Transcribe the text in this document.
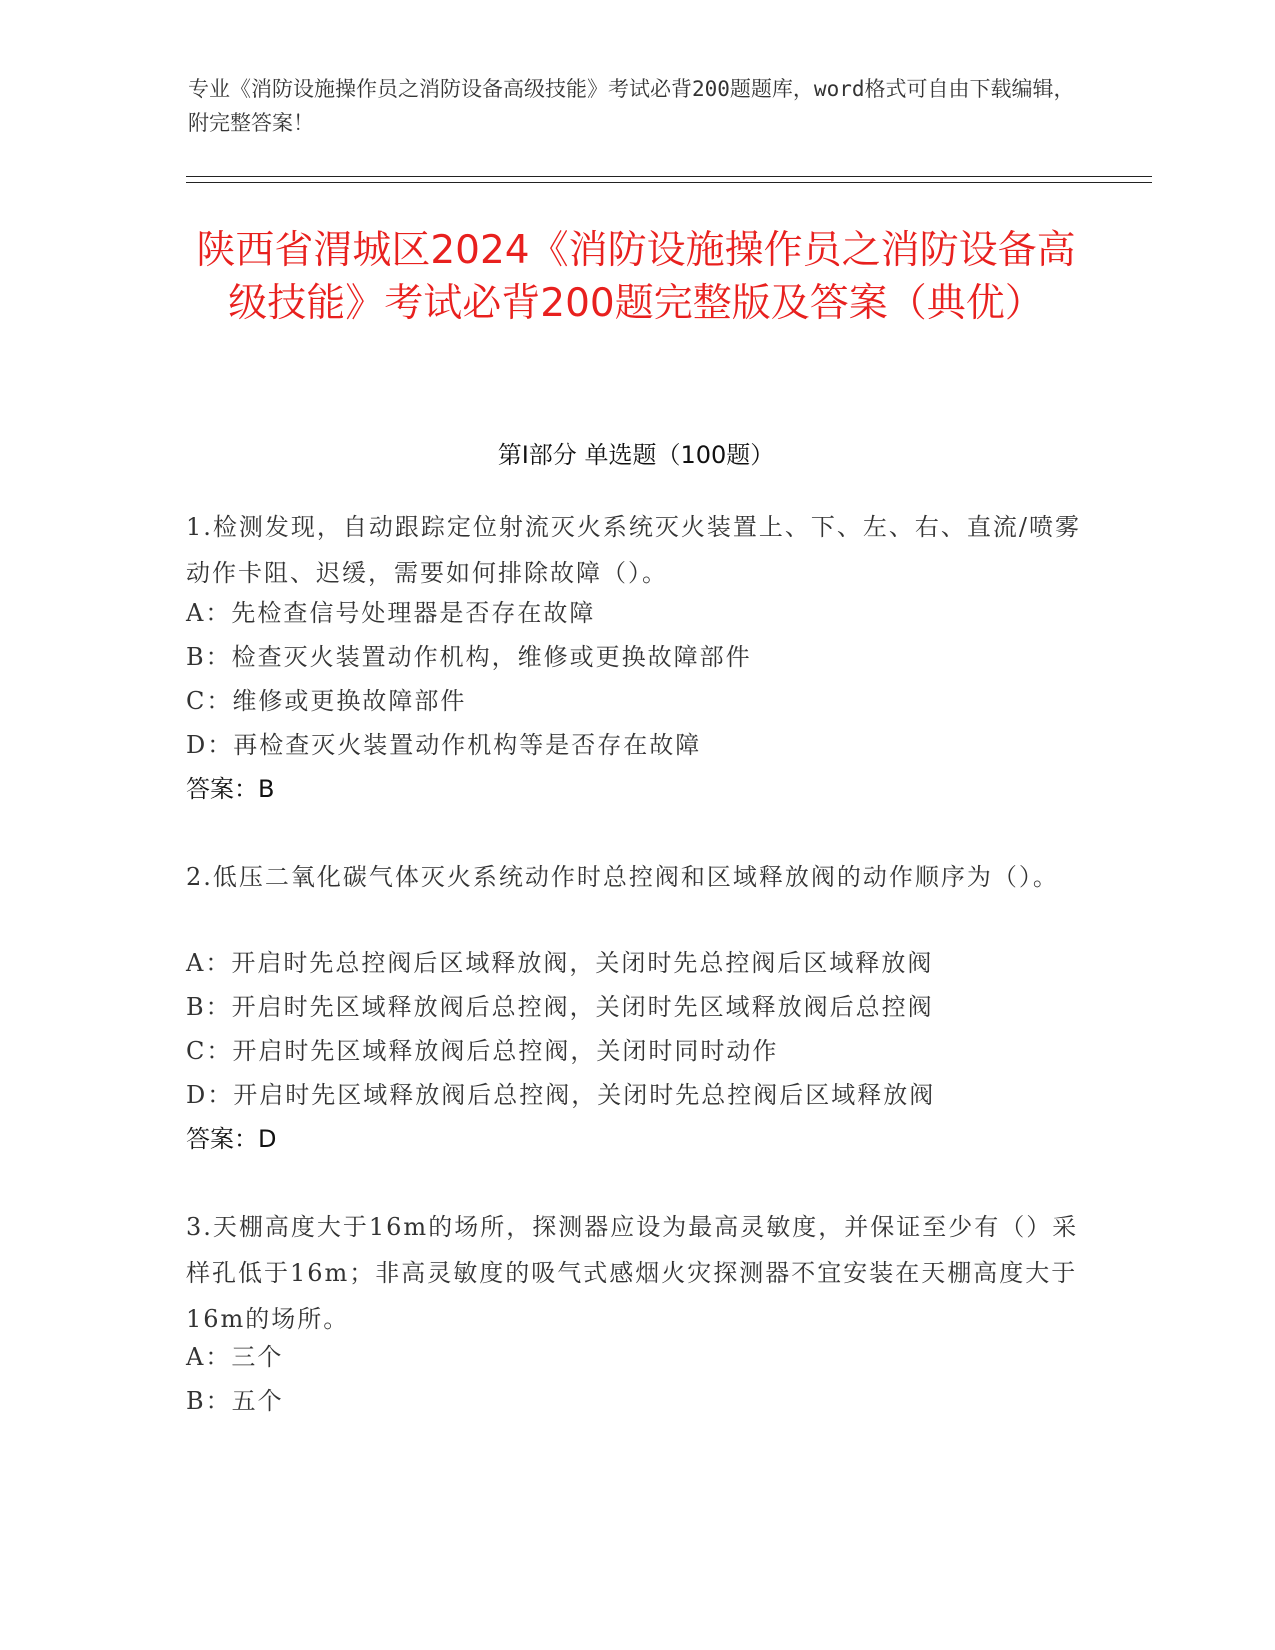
专业《消防设施操作员之消防设备高级技能》考试必背200题题库，word格式可自由下载编辑，附完整答案！
陕西省渭城区2024《消防设施操作员之消防设备高级技能》考试必背200题完整版及答案（典优）
第I部分 单选题（100题）
1.检测发现，自动跟踪定位射流灭火系统灭火装置上、下、左、右、直流/喷雾动作卡阻、迟缓，需要如何排除故障（）。
A：先检查信号处理器是否存在故障
B：检查灭火装置动作机构，维修或更换故障部件
C：维修或更换故障部件
D：再检查灭火装置动作机构等是否存在故障
答案：B
2.低压二氧化碳气体灭火系统动作时总控阀和区域释放阀的动作顺序为（）。
A：开启时先总控阀后区域释放阀，关闭时先总控阀后区域释放阀
B：开启时先区域释放阀后总控阀，关闭时先区域释放阀后总控阀
C：开启时先区域释放阀后总控阀，关闭时同时动作
D：开启时先区域释放阀后总控阀，关闭时先总控阀后区域释放阀
答案：D
3.天棚高度大于16m的场所，探测器应设为最高灵敏度，并保证至少有（）采样孔低于16m；非高灵敏度的吸气式感烟火灾探测器不宜安装在天棚高度大于16m的场所。
A：三个
B：五个
